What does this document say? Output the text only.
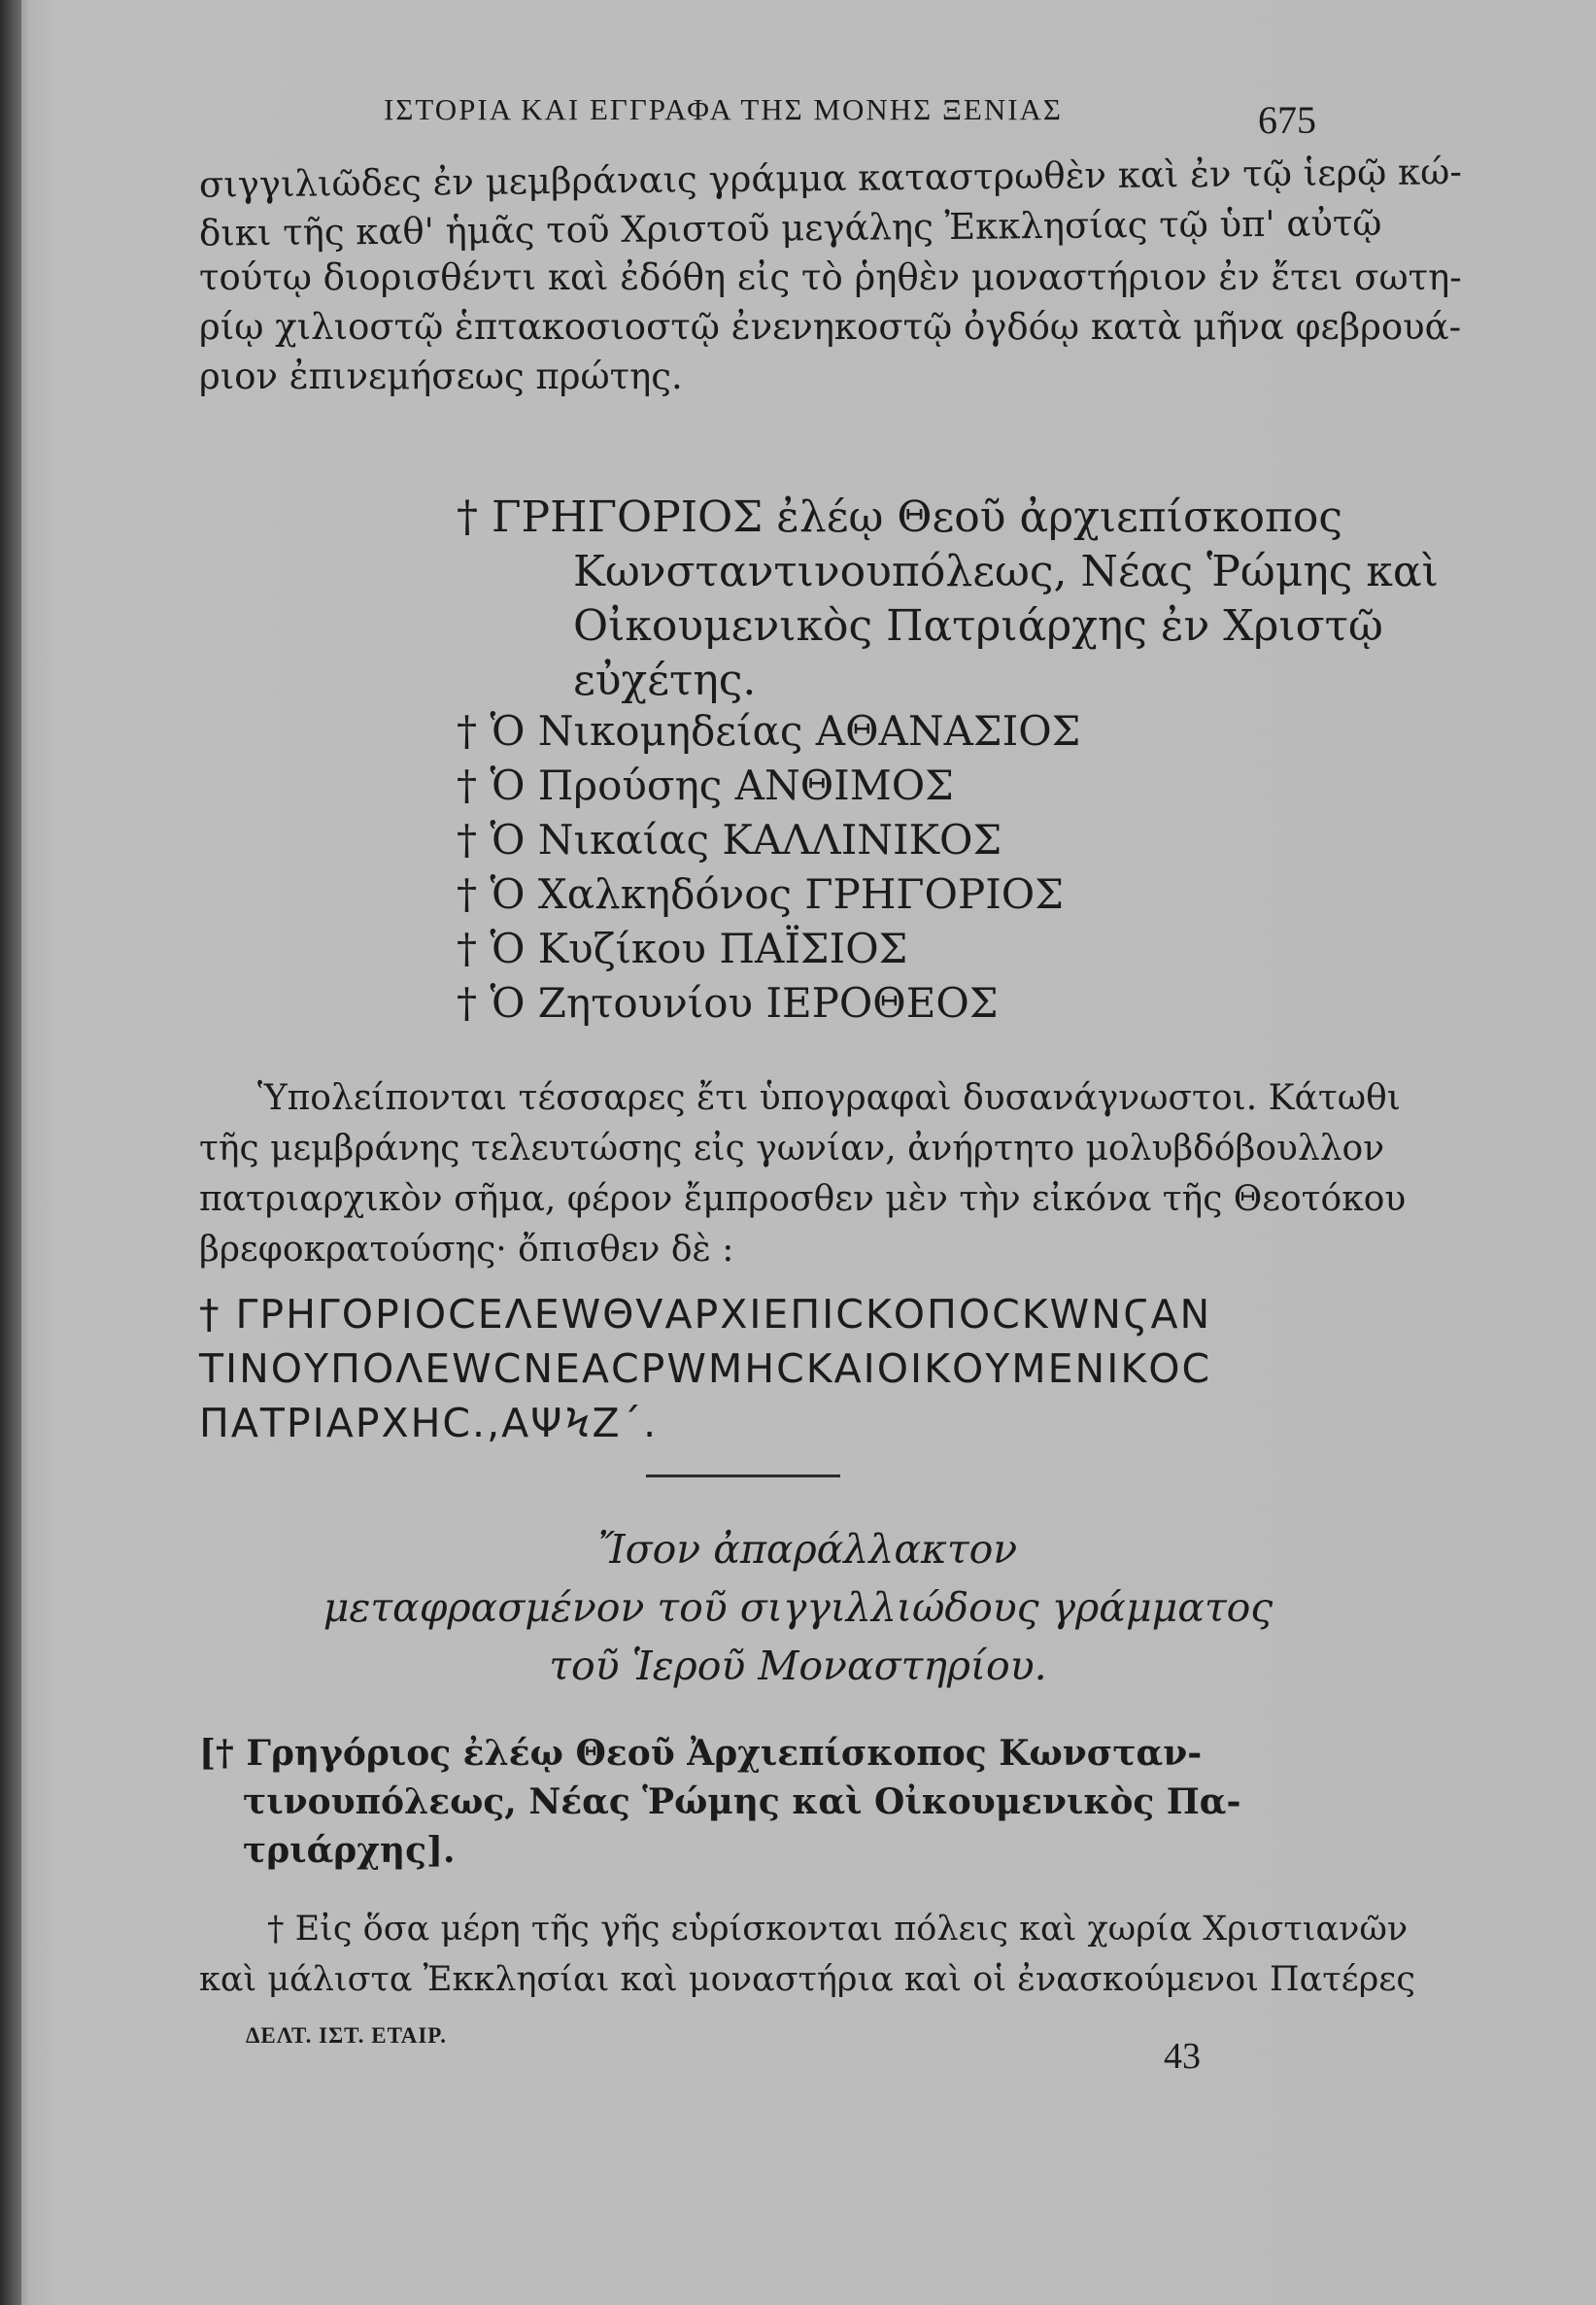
ΙΣΤΟΡΙΑ ΚΑΙ ΕΓΓΡΑΦΑ ΤΗΣ ΜΟΝΗΣ ΞΕΝΙΑΣ	675
σιγγιλιῶδες ἐν μεμβράναις γράμμα καταστρωθὲν καὶ ἐν τῷ ἱερῷ κώ-
δικι τῆς καθ' ἡμᾶς τοῦ Χριστοῦ μεγάλης Ἐκκλησίας τῷ ὑπ' αὐτῷ
τούτῳ διορισθέντι καὶ ἐδόθη εἰς τὸ ῥηθὲν μοναστήριον ἐν ἔτει σωτη-
ρίῳ χιλιοστῷ ἑπτακοσιοστῷ ἐνενηκοστῷ ὀγδόῳ κατὰ μῆνα φεβρουά-
ριον ἐπινεμήσεως πρώτης.
† ΓΡΗΓΟΡΙΟΣ ἐλέῳ Θεοῦ ἀρχιεπίσκοπος
Κωνσταντινουπόλεως, Νέας Ῥώμης καὶ
Οἰκουμενικὸς Πατριάρχης ἐν Χριστῷ
εὐχέτης.
† Ὁ Νικομηδείας ΑΘΑΝΑΣΙΟΣ
† Ὁ Προύσης ΑΝΘΙΜΟΣ
† Ὁ Νικαίας ΚΑΛΛΙΝΙΚΟΣ
† Ὁ Χαλκηδόνος ΓΡΗΓΟΡΙΟΣ
† Ὁ Κυζίκου ΠΑΪΣΙΟΣ
† Ὁ Ζητουνίου ΙΕΡΟΘΕΟΣ
Ὑπολείπονται τέσσαρες ἔτι ὑπογραφαὶ δυσανάγνωστοι. Κάτωθι
τῆς μεμβράνης τελευτώσης εἰς γωνίαν, ἀνήρτητο μολυβδόβουλλον
πατριαρχικὸν σῆμα, φέρον ἔμπροσθεν μὲν τὴν εἰκόνα τῆς Θεοτόκου
βρεφοκρατούσης· ὄπισθεν δὲ :
† ΓΡΗΓΟΡΙΟCΕΛΕWΘVΑΡΧΙΕΠΙCΚΟΠΟCΚWΝϚΑΝ
ΤΙΝΟΥΠΟΛΕWCΝΕΑCΡWΜΗCΚΑΙΟΙΚΟΥΜΕΝΙΚΟC
ΠΑΤΡΙΑΡΧΗC.,ΑΨϞΖ΄.
Ἴσον ἀπαράλλακτον
μεταφρασμένον τοῦ σιγγιλλιώδους γράμματος
τοῦ Ἱεροῦ Μοναστηρίου.
[† Γρηγόριος ἐλέῳ Θεοῦ Ἀρχιεπίσκοπος Κωνσταν-
τινουπόλεως, Νέας Ῥώμης καὶ Οἰκουμενικὸς Πα-
τριάρχης].
† Εἰς ὅσα μέρη τῆς γῆς εὑρίσκονται πόλεις καὶ χωρία Χριστιανῶν
καὶ μάλιστα Ἐκκλησίαι καὶ μοναστήρια καὶ οἱ ἐνασκούμενοι Πατέρες
ΔΕΛΤ. ΙΣΤ. ΕΤΑΙΡ.
43
